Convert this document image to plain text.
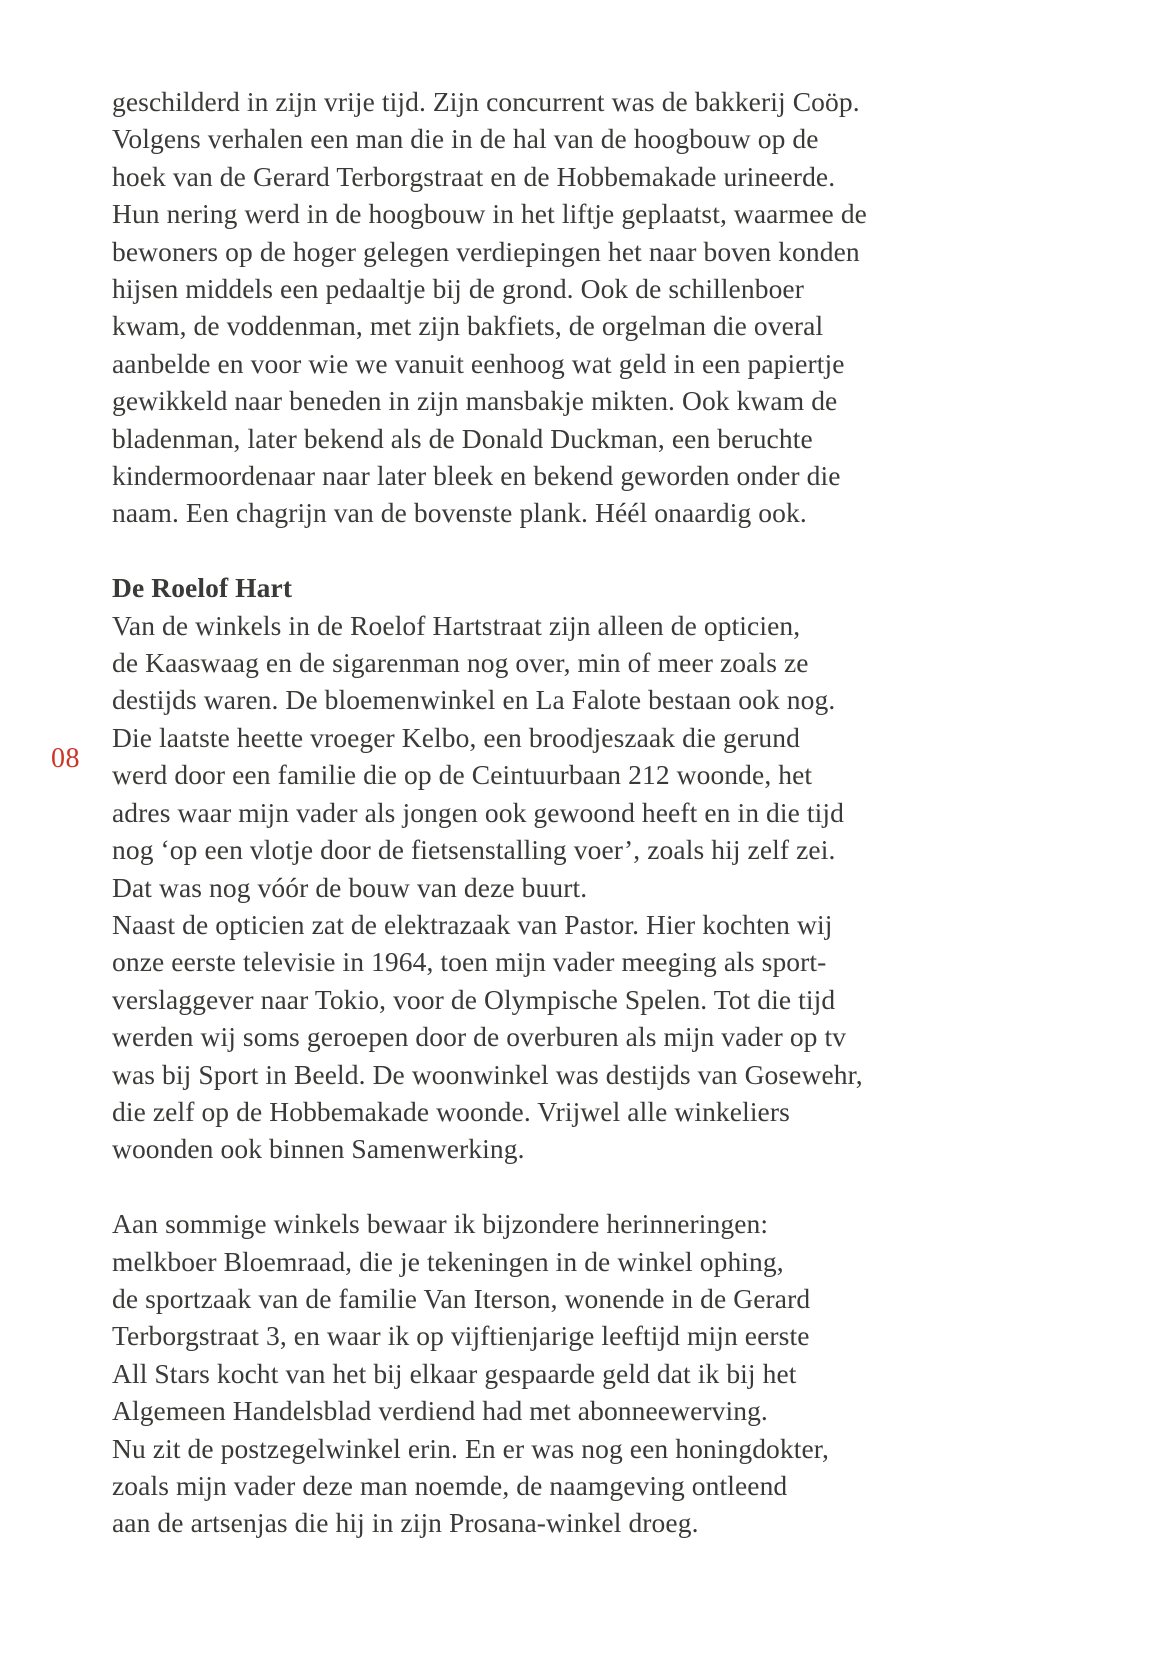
08
geschilderd in zijn vrije tijd. Zijn concurrent was de bakkerij Coöp.
Volgens verhalen een man die in de hal van de hoogbouw op de
hoek van de Gerard Terborgstraat en de Hobbemakade urineerde.
Hun nering werd in de hoogbouw in het liftje geplaatst, waarmee de
bewoners op de hoger gelegen verdiepingen het naar boven konden
hijsen middels een pedaaltje bij de grond. Ook de schillenboer
kwam, de voddenman, met zijn bakfiets, de orgelman die overal
aanbelde en voor wie we vanuit eenhoog wat geld in een papiertje
gewikkeld naar beneden in zijn mansbakje mikten. Ook kwam de
bladenman, later bekend als de Donald Duckman, een beruchte
kindermoordenaar naar later bleek en bekend geworden onder die
naam. Een chagrijn van de bovenste plank. Héél onaardig ook.
De Roelof Hart
Van de winkels in de Roelof Hartstraat zijn alleen de opticien,
de Kaaswaag en de sigarenman nog over, min of meer zoals ze
destijds waren. De bloemenwinkel en La Falote bestaan ook nog.
Die laatste heette vroeger Kelbo, een broodjeszaak die gerund
werd door een familie die op de Ceintuurbaan 212 woonde, het
adres waar mijn vader als jongen ook gewoond heeft en in die tijd
nog ‘op een vlotje door de fietsenstalling voer’, zoals hij zelf zei.
Dat was nog vóór de bouw van deze buurt.
Naast de opticien zat de elektrazaak van Pastor. Hier kochten wij
onze eerste televisie in 1964, toen mijn vader meeging als sport-
verslaggever naar Tokio, voor de Olympische Spelen. Tot die tijd
werden wij soms geroepen door de overburen als mijn vader op tv
was bij Sport in Beeld. De woonwinkel was destijds van Gosewehr,
die zelf op de Hobbemakade woonde. Vrijwel alle winkeliers
woonden ook binnen Samenwerking.
Aan sommige winkels bewaar ik bijzondere herinneringen:
melkboer Bloemraad, die je tekeningen in de winkel ophing,
de sportzaak van de familie Van Iterson, wonende in de Gerard
Terborgstraat 3, en waar ik op vijftienjarige leeftijd mijn eerste
All Stars kocht van het bij elkaar gespaarde geld dat ik bij het
Algemeen Handelsblad verdiend had met abonneewerving.
Nu zit de postzegelwinkel erin. En er was nog een honingdokter,
zoals mijn vader deze man noemde, de naamgeving ontleend
aan de artsenjas die hij in zijn Prosana-winkel droeg.
